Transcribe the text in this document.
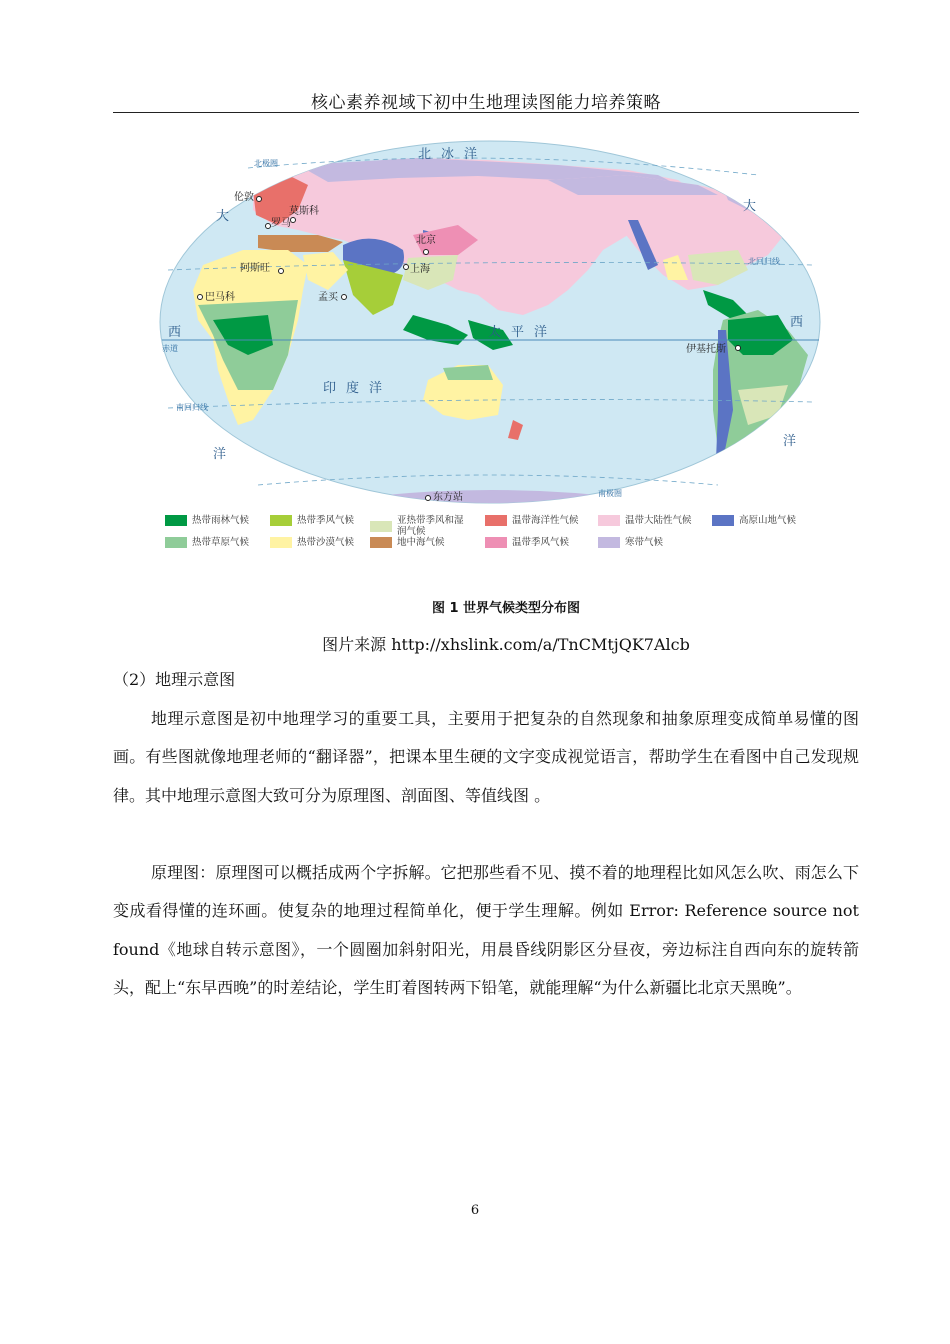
核心素养视域下初中生地理读图能力培养策略
北冰洋
太平洋
印度洋
大
大
西
洋
西
洋
北极圈
北回归线
赤道
南回归线
南极圈
伦敦
莫斯科
罗马
阿斯旺
巴马科
北京
上海
孟买
伊基托斯
东方站
热带雨林气候	热带季风气候	亚热带季风和湿润气候
温带海洋性气候	温带大陆性气候	高原山地气候
热带草原气候	热带沙漠气候	地中海气候	温带季风气候	寒带气候
图 1 世界气候类型分布图
图片来源 http://xhslink.com/a/TnCMtjQK7Alcb
（2）地理示意图
地理示意图是初中地理学习的重要工具，主要用于把复杂的自然现象和抽象原理变成简单易懂的图画。有些图就像地理老师的“翻译器”，把课本里生硬的文字变成视觉语言，帮助学生在看图中自己发现规律。其中地理示意图大致可分为原理图、剖面图、等值线图 。
原理图：原理图可以概括成两个字拆解。它把那些看不见、摸不着的地理程比如风怎么吹、雨怎么下变成看得懂的连环画。使复杂的地理过程简单化，便于学生理解。例如 Error: Reference source not found《地球自转示意图》，一个圆圈加斜射阳光，用晨昏线阴影区分昼夜，旁边标注自西向东的旋转箭头，配上“东早西晚”的时差结论，学生盯着图转两下铅笔，就能理解“为什么新疆比北京天黑晚”。
6
